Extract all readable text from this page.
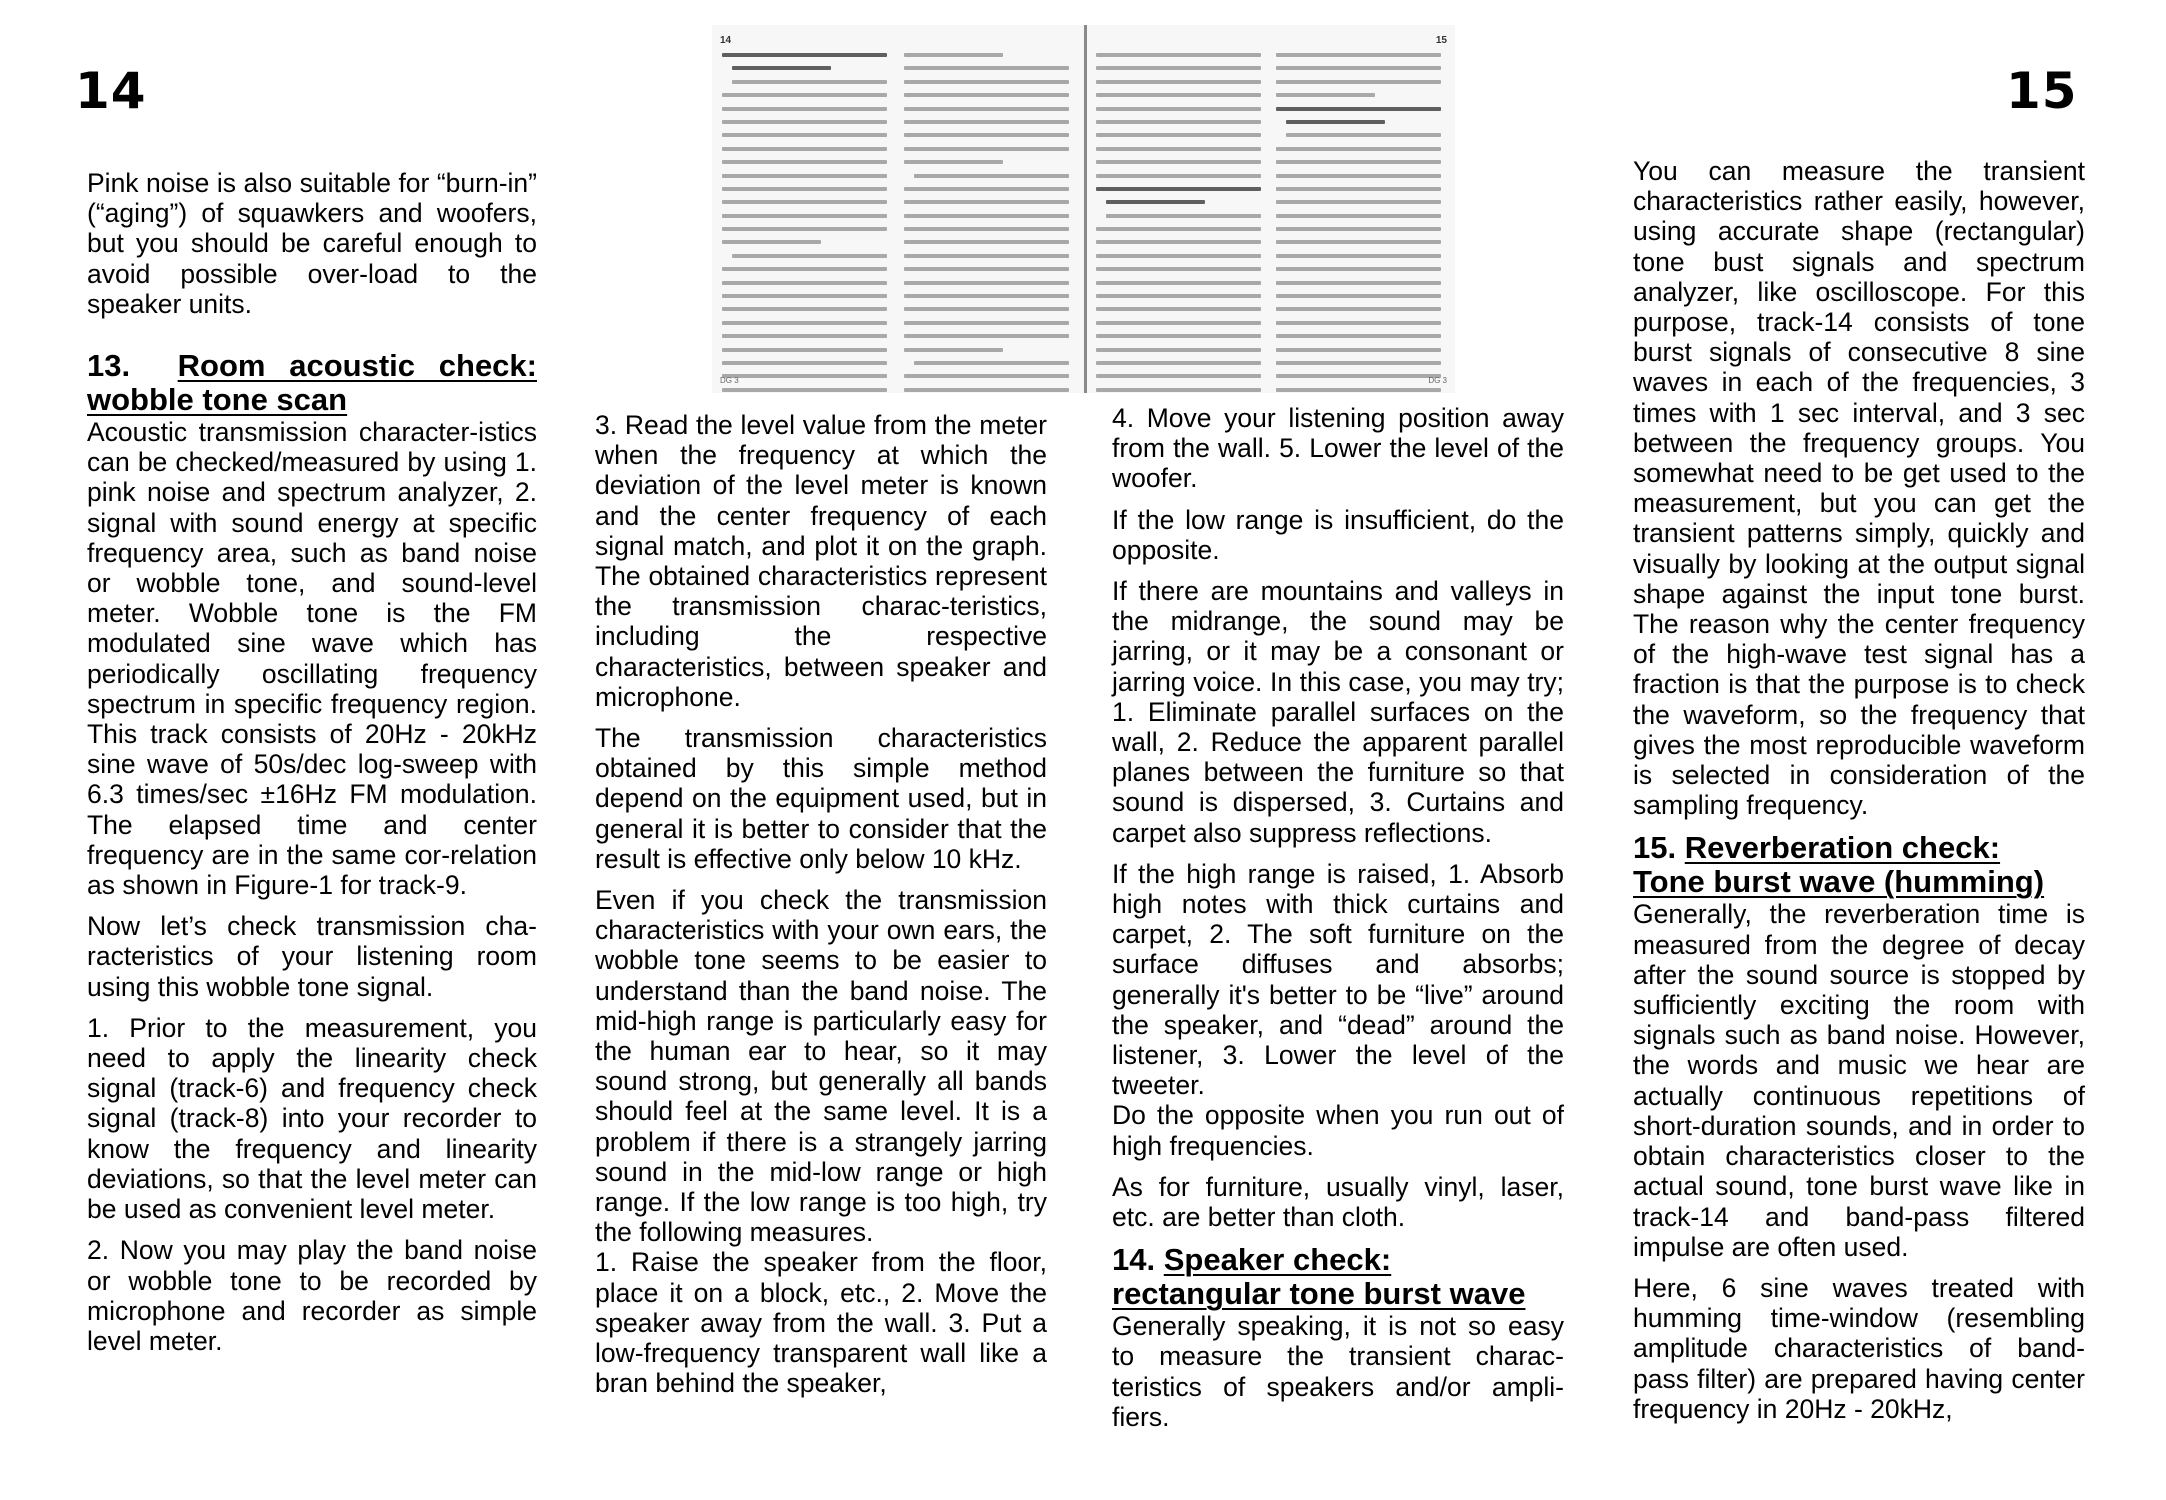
14	15
14
DG 3
15
DG 3

Pink noise is also suitable for “burn-in” (“aging”) of squawkers and woofers, but you should be careful enough to avoid possible over-load to the speaker units.

13. Room acoustic check:
wobble tone scan

Acoustic transmission character-istics can be checked/measured by using 1. pink noise and spectrum analyzer, 2. signal with sound energy at specific frequency area, such as band noise or wobble tone, and sound-level meter. Wobble tone is the FM modulated sine wave which has periodically oscillating frequency spectrum in specific frequency region. This track consists of 20Hz - 20kHz sine wave of 50s/dec log-sweep with 6.3 times/sec ±16Hz FM modulation. The elapsed time and center frequency are in the same cor-relation as shown in Figure-1 for track-9.

Now let’s check transmission cha-racteristics of your listening room using this wobble tone signal.

1. Prior to the measurement, you need to apply the linearity check signal (track-6) and frequency check signal (track-8) into your recorder to know the frequency and linearity deviations, so that the level meter can be used as convenient level meter.

2. Now you may play the band noise or wobble tone to be recorded by microphone and recorder as simple level meter.

3. Read the level value from the meter when the frequency at which the deviation of the level meter is known and the center frequency of each signal match, and plot it on the graph. The obtained characteristics represent the transmission charac-teristics, including the respective characteristics, between speaker and microphone.

The transmission characteristics obtained by this simple method depend on the equipment used, but in general it is better to consider that the result is effective only below 10 kHz.

Even if you check the transmission characteristics with your own ears, the wobble tone seems to be easier to understand than the band noise. The mid-high range is particularly easy for the human ear to hear, so it may sound strong, but generally all bands should feel at the same level. It is a problem if there is a strangely jarring sound in the mid-low range or high range. If the low range is too high, try the following measures.

1. Raise the speaker from the floor, place it on a block, etc., 2. Move the speaker away from the wall. 3. Put a low-frequency transparent wall like a bran behind the speaker,

4. Move your listening position away from the wall. 5. Lower the level of the woofer.

If the low range is insufficient, do the opposite.

If there are mountains and valleys in the midrange, the sound may be jarring, or it may be a consonant or jarring voice. In this case, you may try; 1. Eliminate parallel surfaces on the wall, 2. Reduce the apparent parallel planes between the furniture so that sound is dispersed, 3. Curtains and carpet also suppress reflections.

If the high range is raised, 1. Absorb high notes with thick curtains and carpet, 2. The soft furniture on the surface diffuses and absorbs; generally it's better to be “live” around the speaker, and “dead” around the listener, 3. Lower the level of the tweeter.

Do the opposite when you run out of high frequencies.

As for furniture, usually vinyl, laser, etc. are better than cloth.

14. Speaker check:
rectangular tone burst wave

Generally speaking, it is not so easy to measure the transient charac-teristics of speakers and/or ampli-fiers.

You can measure the transient characteristics rather easily, however, using accurate shape (rectangular) tone bust signals and spectrum analyzer, like oscilloscope. For this purpose, track-14 consists of tone burst signals of consecutive 8 sine waves in each of the frequencies, 3 times with 1 sec interval, and 3 sec between the frequency groups. You somewhat need to be get used to the measurement, but you can get the transient patterns simply, quickly and visually by looking at the output signal shape against the input tone burst. The reason why the center frequency of the high-wave test signal has a fraction is that the purpose is to check the waveform, so the frequency that gives the most reproducible waveform is selected in consideration of the sampling frequency.

15. Reverberation check:
Tone burst wave (humming)

Generally, the reverberation time is measured from the degree of decay after the sound source is stopped by sufficiently exciting the room with signals such as band noise. However, the words and music we hear are actually continuous repetitions of short-duration sounds, and in order to obtain characteristics closer to the actual sound, tone burst wave like in track-14 and band-pass filtered impulse are often used.

Here, 6 sine waves treated with humming time-window (resembling amplitude characteristics of band-pass filter) are prepared having center frequency in 20Hz - 20kHz,
